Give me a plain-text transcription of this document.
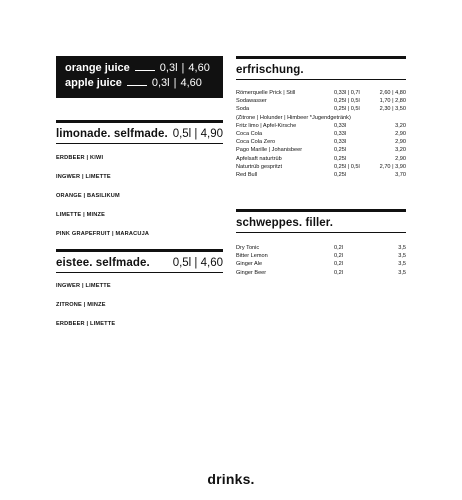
orange juice	0,3l | 4,60
apple juice	0,3l | 4,60
limonade. selfmade. 0,5l | 4,90
ERDBEER | KIWI
INGWER | LIMETTE
ORANGE | BASILIKUM
LIMETTE | MINZE
PINK GRAPEFRUIT | MARACUJA
eistee. selfmade. 0,5l | 4,60
INGWER | LIMETTE
ZITRONE | MINZE
ERDBEER | LIMETTE
erfrischung.
Römerquelle Prick | Still	0,33l | 0,7l	2,60 | 4,80
Sodawasser	0,25l | 0,5l	1,70 | 2,80
Soda	0,25l | 0,5l	2,30 | 3,50
(Zitrone | Holunder | Himbeer *Jugendgetränk)
Fritz limo | Apfel-Kirsche	0,33l	3,20
Coca Cola	0,33l	2,90
Coca Cola Zero	0,33l	2,90
Pago Marille | Johanisbeer	0,25l	3,20
Apfelsaft naturtrüb	0,25l	2,90
Naturtrüb gespritzt	0,25l | 0,5l	2,70 | 3,90
Red Bull	0,25l	3,70
schweppes. filler.
Dry Tonic	0,2l	3,5
Bitter Lemon	0,2l	3,5
Ginger Ale	0,2l	3,5
Ginger Beer	0,2l	3,5
drinks.
